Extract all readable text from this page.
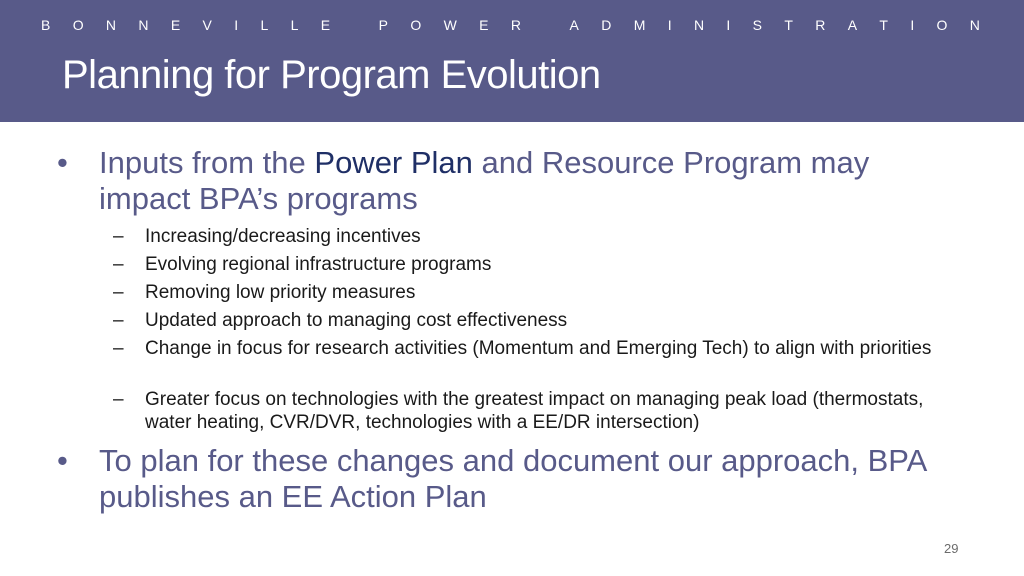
B O N N E V I L L E
	P O W E R
	A D M I N I S T R A T I O N
Planning for Program Evolution
• Inputs from the Power Plan and Resource Program may impact BPA’s programs
– Increasing/decreasing incentives
– Evolving regional infrastructure programs
– Removing low priority measures
– Updated approach to managing cost effectiveness
– Change in focus for research activities (Momentum and Emerging Tech) to align with priorities
– Greater focus on technologies with the greatest impact on managing peak load (thermostats, water heating, CVR/DVR, technologies with a EE/DR intersection)
• To plan for these changes and document our approach, BPA publishes an EE Action Plan
29
